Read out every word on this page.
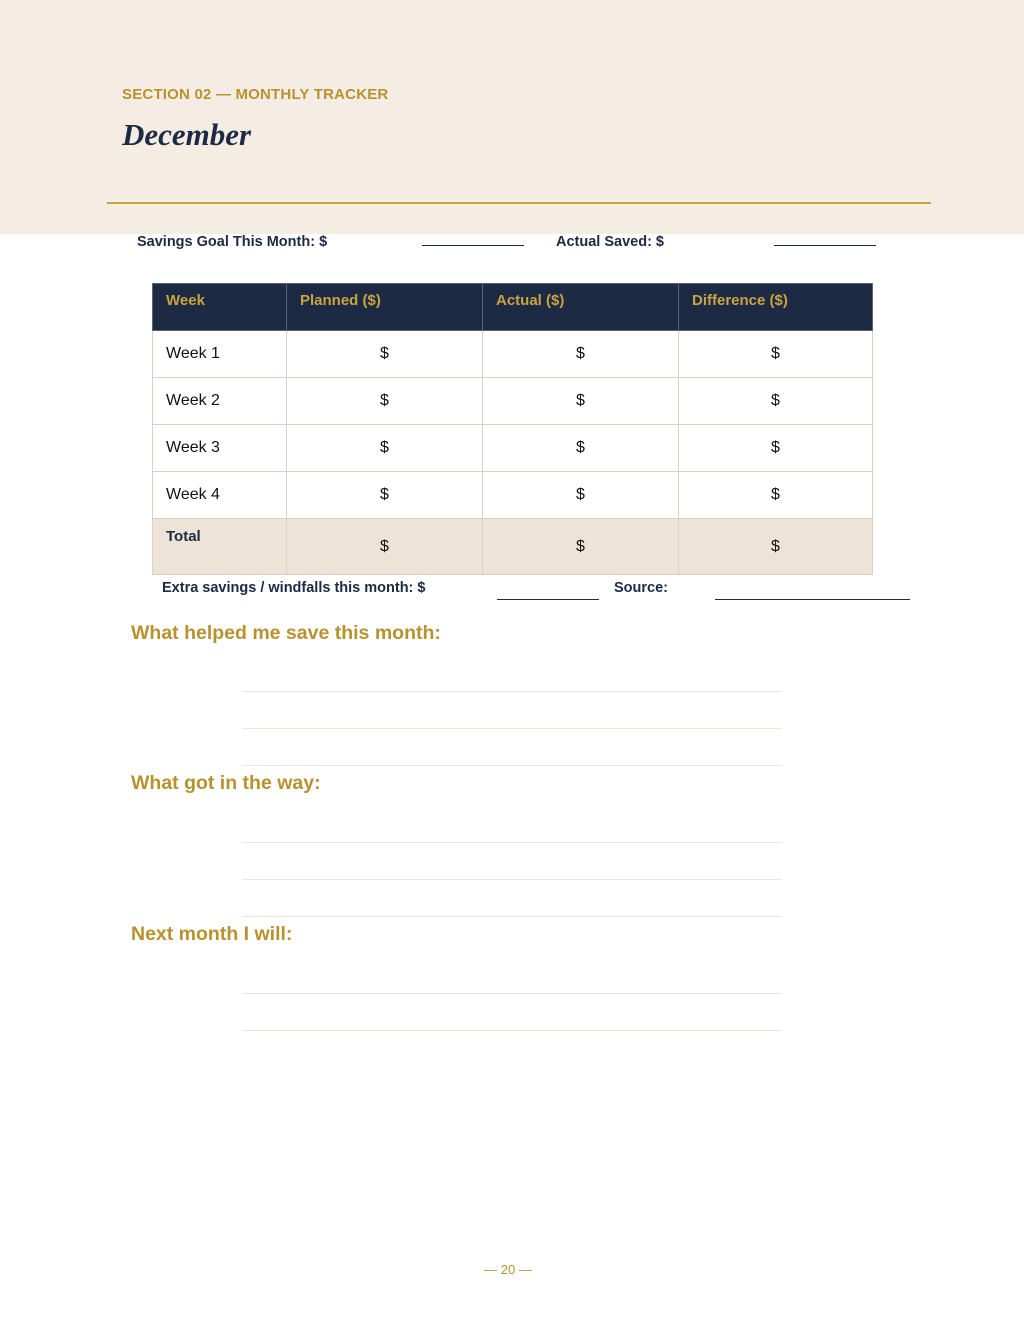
SECTION 02 — MONTHLY TRACKER
December
Savings Goal This Month: $	Actual Saved: $
Week	Planned ($)	Actual ($)	Difference ($)
Week 1	$	$	$
Week 2	$	$	$
Week 3	$	$	$
Week 4	$	$	$
Total	$	$	$
Extra savings / windfalls this month: $	Source:
What helped me save this month:
What got in the way:
Next month I will:
— 20 —
